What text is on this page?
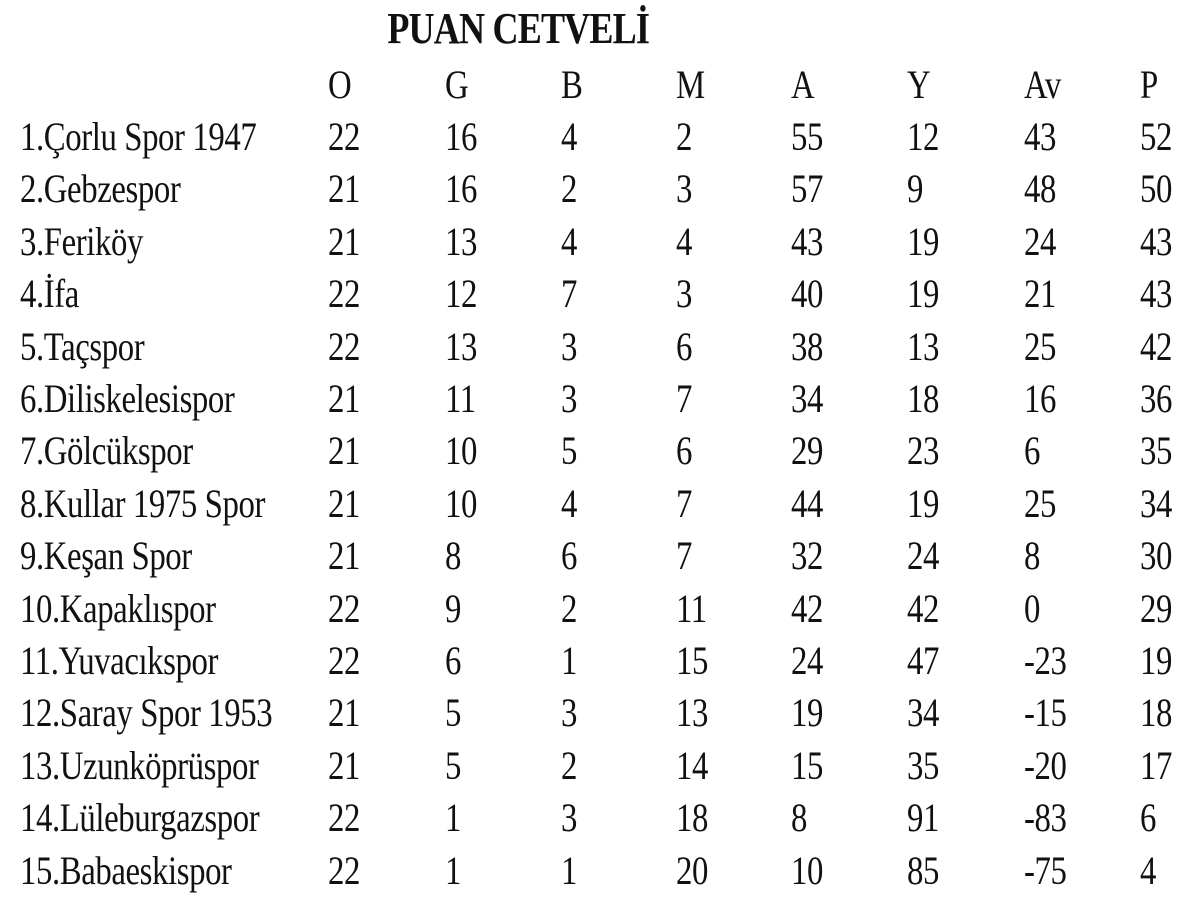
PUAN CETVELİ
	O	G	B	M	A	Y	Av	P
1.Çorlu Spor 1947	22	16	4	2	55	12	43	52
2.Gebzespor	21	16	2	3	57	9	48	50
3.Feriköy	21	13	4	4	43	19	24	43
4.İfa	22	12	7	3	40	19	21	43
5.Taçspor	22	13	3	6	38	13	25	42
6.Diliskelesispor	21	11	3	7	34	18	16	36
7.Gölcükspor	21	10	5	6	29	23	6	35
8.Kullar 1975 Spor	21	10	4	7	44	19	25	34
9.Keşan Spor	21	8	6	7	32	24	8	30
10.Kapaklıspor	22	9	2	11	42	42	0	29
11.Yuvacıkspor	22	6	1	15	24	47	-23	19
12.Saray Spor 1953	21	5	3	13	19	34	-15	18
13.Uzunköprüspor	21	5	2	14	15	35	-20	17
14.Lüleburgazspor	22	1	3	18	8	91	-83	6
15.Babaeskispor	22	1	1	20	10	85	-75	4
